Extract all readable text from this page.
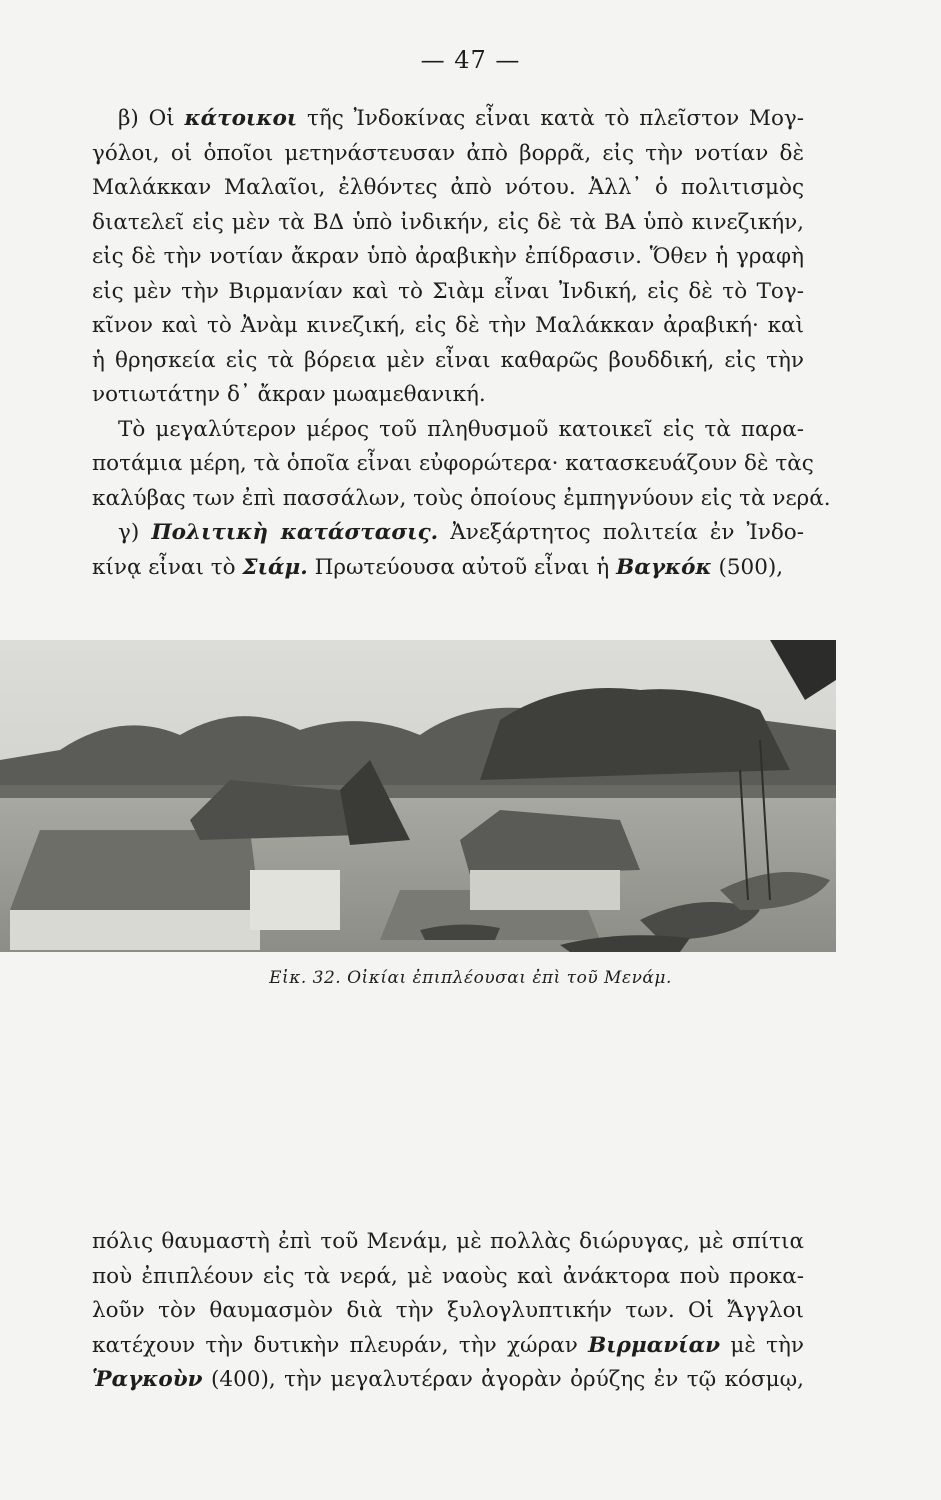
— 47 —
β) Οἱ κάτοικοι τῆς Ἰνδοκίνας εἶναι κατὰ τὸ πλεῖστον Μογ-
γόλοι, οἱ ὁποῖοι μετηνάστευσαν ἀπὸ βορρᾶ, εἰς τὴν νοτίαν δὲ
Μαλάκκαν Μαλαῖοι, ἐλθόντες ἀπὸ νότου. Ἀλλ᾽ ὁ πολιτισμὸς
διατελεῖ εἰς μὲν τὰ ΒΔ ὑπὸ ἰνδικήν, εἰς δὲ τὰ ΒΑ ὑπὸ κινεζικήν,
εἰς δὲ τὴν νοτίαν ἄκραν ὑπὸ ἀραβικὴν ἐπίδρασιν. Ὅθεν ἡ γραφὴ
εἰς μὲν τὴν Βιρμανίαν καὶ τὸ Σιὰμ εἶναι Ἰνδική, εἰς δὲ τὸ Τογ-
κῖνον καὶ τὸ Ἀνὰμ κινεζική, εἰς δὲ τὴν Μαλάκκαν ἀραβική· καὶ
ἡ θρησκεία εἰς τὰ βόρεια μὲν εἶναι καθαρῶς βουδδική, εἰς τὴν
νοτιωτάτην δ᾽ ἄκραν μωαμεθανική.
Τὸ μεγαλύτερον μέρος τοῦ πληθυσμοῦ κατοικεῖ εἰς τὰ παρα-
ποτάμια μέρη, τὰ ὁποῖα εἶναι εὐφορώτερα· κατασκευάζουν δὲ τὰς
καλύβας των ἐπὶ πασσάλων, τοὺς ὁποίους ἐμπηγνύουν εἰς τὰ νερά.
γ) Πολιτικὴ κατάστασις. Ἀνεξάρτητος πολιτεία ἐν Ἰνδο-
κίνᾳ εἶναι τὸ Σιάμ. Πρωτεύουσα αὐτοῦ εἶναι ἡ Βαγκόκ (500),
Εἰκ. 32. Οἰκίαι ἐπιπλέουσαι ἐπὶ τοῦ Μενάμ.
πόλις θαυμαστὴ ἐπὶ τοῦ Μενάμ, μὲ πολλὰς διώρυγας, μὲ σπίτια
ποὺ ἐπιπλέουν εἰς τὰ νερά, μὲ ναοὺς καὶ ἀνάκτορα ποὺ προκα-
λοῦν τὸν θαυμασμὸν διὰ τὴν ξυλογλυπτικήν των. Οἱ Ἄγγλοι
κατέχουν τὴν δυτικὴν πλευράν, τὴν χώραν Βιρμανίαν μὲ τὴν
Ῥαγκοὺν (400), τὴν μεγαλυτέραν ἀγορὰν ὀρύζης ἐν τῷ κόσμῳ,
